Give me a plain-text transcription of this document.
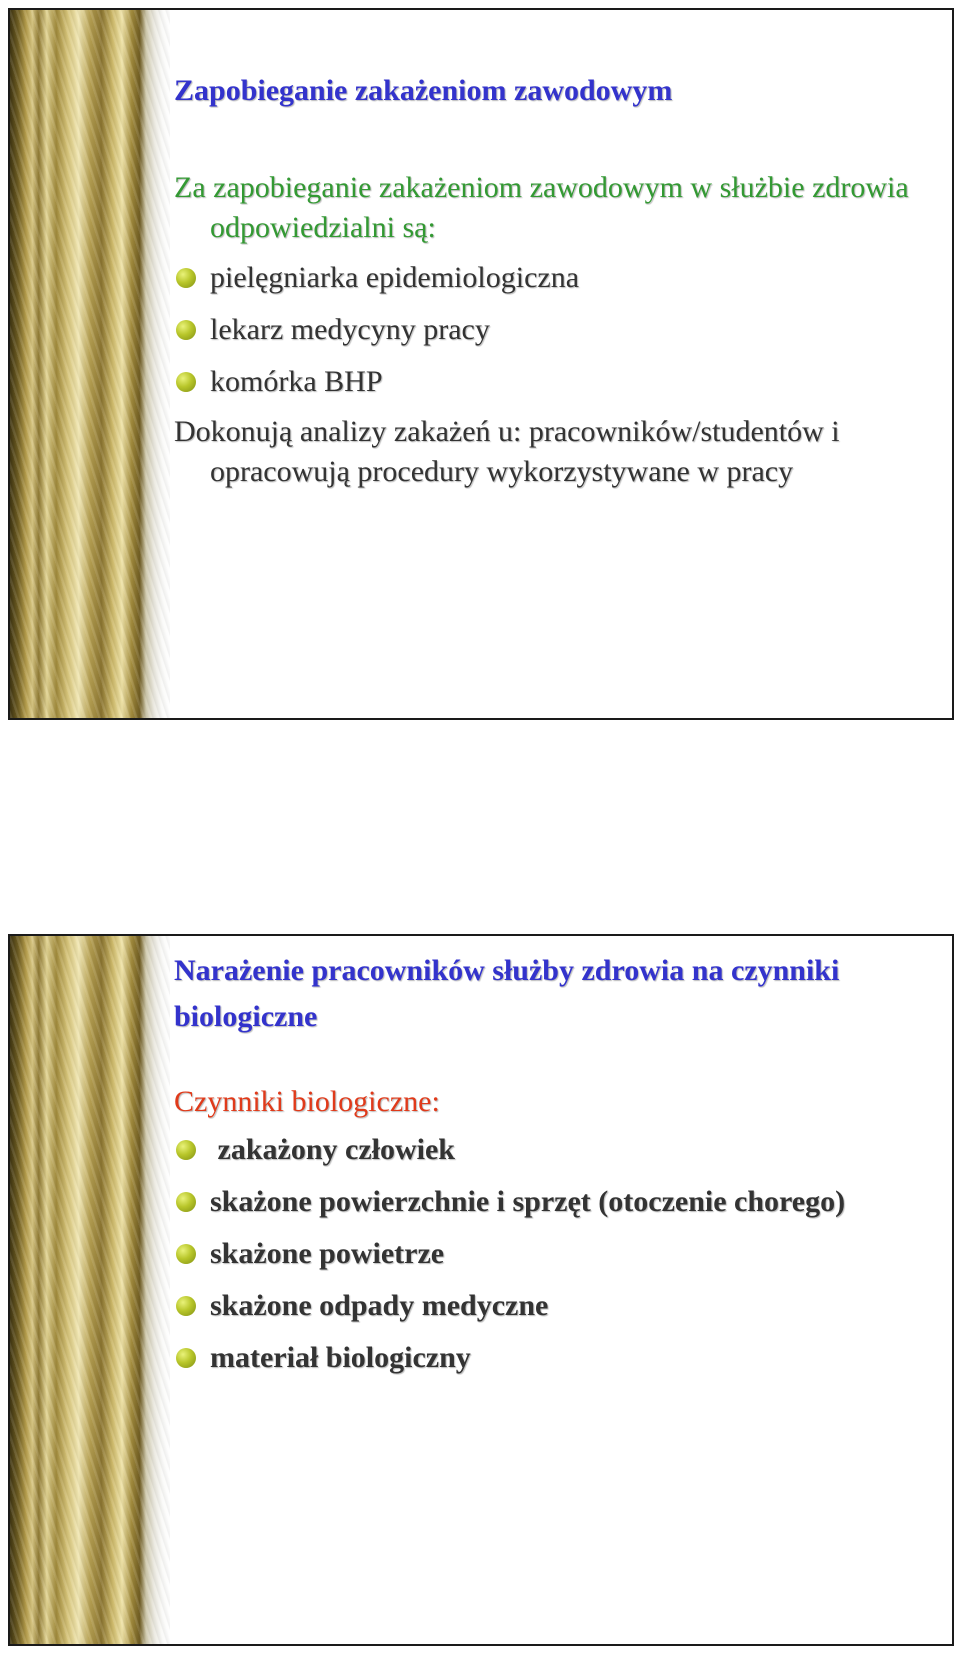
Zapobieganie zakażeniom zawodowym

Za zapobieganie zakażeniom zawodowym w służbie zdrowia odpowiedzialni są:

pielęgniarka epidemiologiczna
lekarz medycyny pracy
komórka BHP

Dokonują analizy zakażeń u: pracowników/studentów i opracowują procedury wykorzystywane w pracy

Narażenie pracowników służby zdrowia na czynniki biologiczne

Czynniki biologiczne:

zakażony człowiek
skażone powierzchnie i sprzęt (otoczenie chorego)
skażone powietrze
skażone odpady medyczne
materiał biologiczny
